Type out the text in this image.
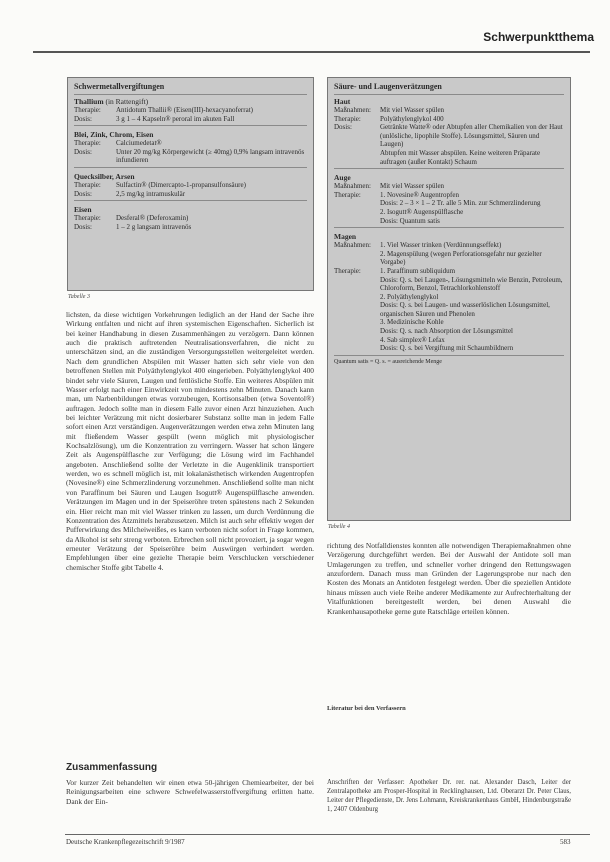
Schwerpunktthema
Schwermetallvergiftungen
Thallium (in Rattengift)
Therapie:	Antidotum Thallii® (Eisen(III)-hexacyanoferrat)
Dosis:	3 g 1 – 4 Kapseln® peroral im akuten Fall
Blei, Zink, Chrom, Eisen
Therapie:	Calciumedetat®
Dosis:	Unter 20 mg/kg Körpergewicht (≥ 40mg) 0,9% langsam intravenös infundieren
Quecksilber, Arsen
Therapie:	Sulfactin® (Dimercapto-1-propansulfonsäure)
Dosis:	2,5 mg/kg intramuskulär
Eisen
Therapie:	Desferal® (Deferoxamin)
Dosis:	1 – 2 g langsam intravenös
Tabelle 3
Säure- und Laugenverätzungen
Haut
Maßnahmen:	Mit viel Wasser spülen
Therapie:	Polyäthylenglykol 400
Dosis:	Getränkte Watte® oder Abtupfen aller Chemikalien von der Haut (unlösliche, lipophile Stoffe). Lösungsmittel, Säuren und Laugen)
Abtupfen mit Wasser abspülen. Keine weiteren Präparate auftragen (außer Kontakt) Schaum
Auge
Maßnahmen:	Mit viel Wasser spülen
Therapie:	1. Novesine® Augentropfen
Dosis: 2 – 3 × 1 – 2 Tr. alle 5 Min. zur Schmerzlinderung
2. Isogutt® Augenspülflasche
Dosis: Quantum satis
Magen
Maßnahmen:	1. Viel Wasser trinken (Verdünnungseffekt)
2. Magenspülung (wegen Perforationsgefahr nur gezielter Vorgabe)
Therapie:	1. Paraffinum subliquidum
Dosis: Q. s. bei Laugen-, Lösungsmitteln wie Benzin, Petroleum, Chloroform, Benzol, Tetrachlorkohlenstoff
2. Polyäthylenglykol
Dosis: Q. s. bei Laugen- und wasserlöslichen Lösungsmittel, organischen Säuren und Phenolen
3. Medizinische Kohle
Dosis: Q. s. nach Absorption der Lösungsmittel
4. Sab simplex® Lefax
Dosis: Q. s. bei Vergiftung mit Schaumbildnern
Quantum satis = Q. s. = ausreichende Menge
Tabelle 4
lichsten, da diese wichtigen Vorkehrungen lediglich an der Hand der Sache ihre Wirkung entfalten und nicht auf ihren systemischen Eigenschaften. Sicherlich ist bei keiner Handhabung in diesen Zusammenhängen zu verzögern. Dann können auch die praktisch auftretenden Neutralisationsverfahren, die nicht zu unterschätzen sind, an die zuständigen Versorgungsstellen weitergeleitet werden. Nach dem grundlichen Abspülen mit Wasser hatten sich sehr viele von den betroffenen Stellen mit Polyäthylenglykol 400 eingerieben. Polyäthylenglykol 400 bindet sehr viele Säuren, Laugen und fettlösliche Stoffe. Ein weiteres Abspülen mit Wasser erfolgt nach einer Einwirkzeit von mindestens zehn Minuten. Danach kann man, um Narbenbildungen etwas vorzubeugen, Kortisonsalben (etwa Soventol®) auftragen. Jedoch sollte man in diesem Falle zuvor einen Arzt hinzuziehen. Auch bei leichter Verätzung mit nicht dosierbarer Substanz sollte man in jedem Falle sofort einen Arzt verständigen. Augenverätzungen werden etwa zehn Minuten lang mit fließendem Wasser gespült (wenn möglich mit physiologischer Kochsalzlösung), um die Konzentration zu verringern. Wasser hat schon längere Zeit als Augenspülflasche zur Verfügung; die Lösung wird im Fachhandel angeboten. Anschließend sollte der Verletzte in die Augenklinik transportiert werden, wo es schnell möglich ist, mit lokalanästhetisch wirkenden Augentropfen (Novesine®) eine Schmerzlinderung vorzunehmen. Anschließend sollte man nicht von Paraffinum bei Säuren und Laugen Isogutt® Augenspülflasche anwenden. Verätzungen im Magen und in der Speiseröhre treten spätestens nach 2 Sekunden ein. Hier reicht man mit viel Wasser trinken zu lassen, um durch Verdünnung die Konzentration des Ätzmittels herabzusetzen. Milch ist auch sehr effektiv wegen der Pufferwirkung des Milcheiweißes, es kann verboten nicht sofort in Frage kommen, da Alkohol ist sehr streng verboten. Erbrechen soll nicht provoziert, ja sogar wegen erneuter Verätzung der Speiseröhre beim Auswürgen verhindert werden. Empfehlungen über eine gezielte Therapie beim Verschlucken verschiedener chemischer Stoffe gibt Tabelle 4.
Zusammenfassung
Vor kurzer Zeit behandelten wir einen etwa 50-jährigen Chemiearbeiter, der bei Reinigungsarbeiten eine schwere Schwefelwasserstoffvergiftung erlitten hatte. Dank der Ein-
richtung des Notfalldienstes konnten alle notwendigen Therapiemaßnahmen ohne Verzögerung durchgeführt werden. Bei der Auswahl der Antidote soll man Umlagerungen zu treffen, und schneller vorher dringend den Rettungswagen anzufordern. Danach muss man Gründen der Lagerungsprobe nur nach den Kosten des Monats an Antidoten festgelegt werden. Über die speziellen Antidote hinaus müssen auch viele Reihe anderer Medikamente zur Aufrechterhaltung der Vitalfunktionen bereitgestellt werden, bei denen Auswahl die Krankenhausapotheke gerne gute Ratschläge erteilen können.
Literatur bei den Verfassern
Anschriften der Verfasser: Apotheker Dr. rer. nat. Alexander Dasch, Leiter der Zentralapotheke am Prosper-Hospital in Recklinghausen, Ltd. Oberarzt Dr. Peter Claus, Leiter der Pflegedienste, Dr. Jens Lohmann, Kreiskrankenhaus GmbH, Hindenburgstraße 1, 2407 Oldenburg
Deutsche Krankenpflegezeitschrift 9/1987	583
